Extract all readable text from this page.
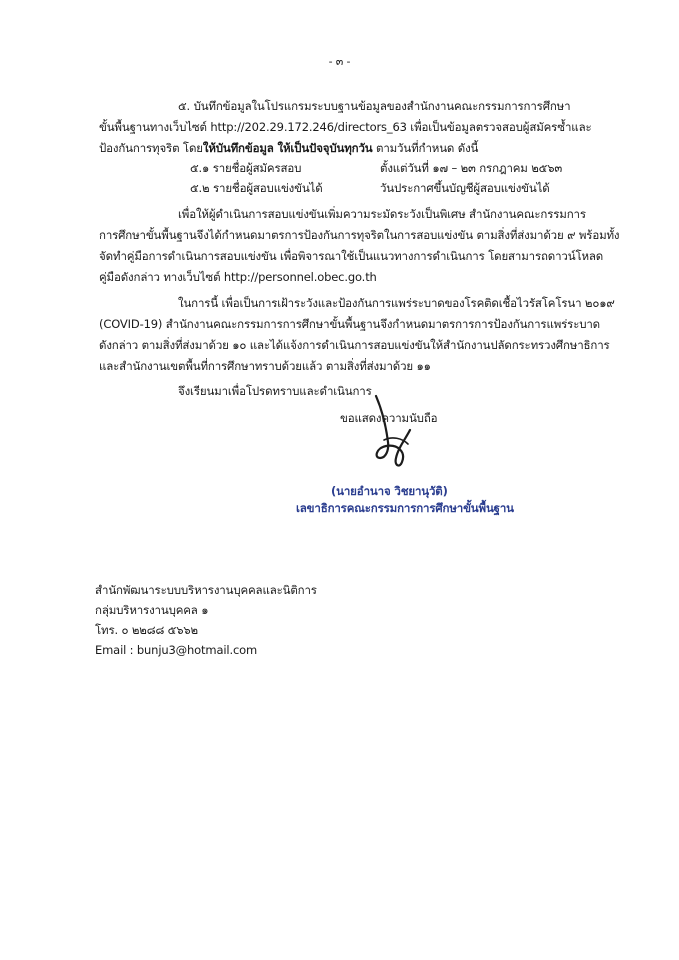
- ๓ -
๕. บันทึกข้อมูลในโปรแกรมระบบฐานข้อมูลของสำนักงานคณะกรรมการการศึกษา
ขั้นพื้นฐานทางเว็บไซต์ http://202.29.172.246/directors_63 เพื่อเป็นข้อมูลตรวจสอบผู้สมัครซ้ำและ
ป้องกันการทุจริต โดยให้บันทึกข้อมูล ให้เป็นปัจจุบันทุกวัน ตามวันที่กำหนด ดังนี้
๕.๑ รายชื่อผู้สมัครสอบ	ตั้งแต่วันที่ ๑๗ – ๒๓ กรกฎาคม ๒๕๖๓
๕.๒ รายชื่อผู้สอบแข่งขันได้	วันประกาศขึ้นบัญชีผู้สอบแข่งขันได้
เพื่อให้ผู้ดำเนินการสอบแข่งขันเพิ่มความระมัดระวังเป็นพิเศษ สำนักงานคณะกรรมการ
การศึกษาขั้นพื้นฐานจึงได้กำหนดมาตรการป้องกันการทุจริตในการสอบแข่งขัน ตามสิ่งที่ส่งมาด้วย ๙ พร้อมทั้ง
จัดทำคู่มือการดำเนินการสอบแข่งขัน เพื่อพิจารณาใช้เป็นแนวทางการดำเนินการ โดยสามารถดาวน์โหลด
คู่มือดังกล่าว ทางเว็บไซต์ http://personnel.obec.go.th
ในการนี้ เพื่อเป็นการเฝ้าระวังและป้องกันการแพร่ระบาดของโรคติดเชื้อไวรัสโคโรนา ๒๐๑๙
(COVID-19) สำนักงานคณะกรรมการการศึกษาขั้นพื้นฐานจึงกำหนดมาตรการการป้องกันการแพร่ระบาด
ดังกล่าว ตามสิ่งที่ส่งมาด้วย ๑๐ และได้แจ้งการดำเนินการสอบแข่งขันให้สำนักงานปลัดกระทรวงศึกษาธิการ
และสำนักงานเขตพื้นที่การศึกษาทราบด้วยแล้ว ตามสิ่งที่ส่งมาด้วย ๑๑
จึงเรียนมาเพื่อโปรดทราบและดำเนินการ
ขอแสดงความนับถือ
(นายอำนาจ วิชยานุวัติ)
เลขาธิการคณะกรรมการการศึกษาขั้นพื้นฐาน
สำนักพัฒนาระบบบริหารงานบุคคลและนิติการ
กลุ่มบริหารงานบุคคล ๑
โทร. ๐ ๒๒๘๘ ๕๖๖๒
Email : bunju3@hotmail.com
